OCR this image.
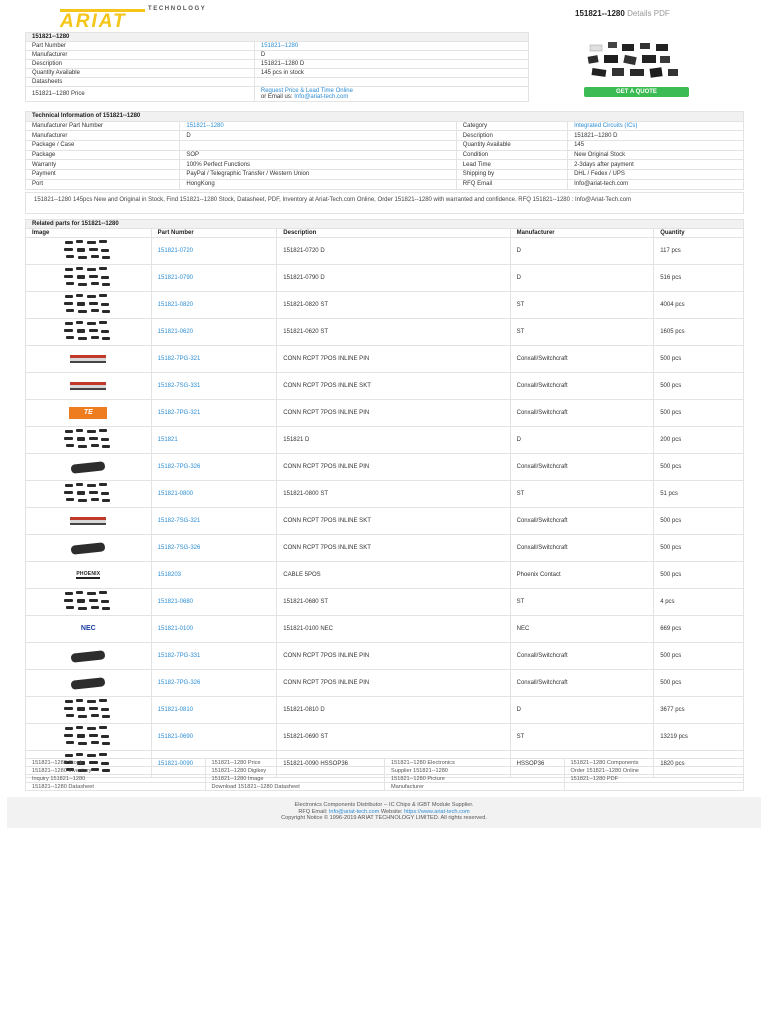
ARIAT
TECHNOLOGY	151821--1280 Details PDF
151821--1280	
Part Number	151821--1280
Manufacturer	D
Description	151821--1280 D
Quantity Available	145 pcs in stock
Datasheets	
151821--1280 Price	Request Price & Lead Time Online
or Email us: Info@ariat-tech.com
GET A QUOTE
Technical Information of 151821--1280			
Manufacturer Part Number	151821--1280	Category	Integrated Circuits (ICs)
Manufacturer	D	Description	151821--1280 D
Package / Case		Quantity Available	145
Package	SOP	Condition	New Original Stock
Warranty	100% Perfect Functions	Lead Time	2-3days after payment
Payment	PayPal / Telegraphic Transfer / Western Union	Shipping by	DHL / Fedex / UPS
Port	HongKong	RFQ Email	Info@ariat-tech.com
151821--1280 145pcs New and Original in Stock, Find 151821--1280 Stock, Datasheet, PDF, Inventory at Ariat-Tech.com Online, Order 151821--1280 with warranted and confidence. RFQ 151821--1280 : Info@Ariat-Tech.com
Related parts for 151821--1280				
Image	Part Number	Description	Manufacturer	Quantity

	151821-0720	151821-0720 D	D	117 pcs

	151821-0790	151821-0790 D	D	516 pcs

	151821-0820	151821-0820 ST	ST	4004 pcs

	151821-0620	151821-0620 ST	ST	1605 pcs
	15182-7PG-321	CONN RCPT 7POS INLINE PIN	Conxall/Switchcraft	500 pcs
	15182-7SG-331	CONN RCPT 7POS INLINE SKT	Conxall/Switchcraft	500 pcs
TE	15182-7PG-321	CONN RCPT 7POS INLINE PIN	Conxall/Switchcraft	500 pcs

	151821	151821 D	D	200 pcs
	15182-7PG-326	CONN RCPT 7POS INLINE PIN	Conxall/Switchcraft	500 pcs

	151821-0800	151821-0800 ST	ST	51 pcs
	15182-7SG-321	CONN RCPT 7POS INLINE SKT	Conxall/Switchcraft	500 pcs
	15182-7SG-326	CONN RCPT 7POS INLINE SKT	Conxall/Switchcraft	500 pcs
PHOENIX	1518203	CABLE 5POS	Phoenix Contact	500 pcs

	151821-0680	151821-0680 ST	ST	4 pcs
NEC	151821-0100	151821-0100 NEC	NEC	669 pcs
	15182-7PG-331	CONN RCPT 7POS INLINE PIN	Conxall/Switchcraft	500 pcs
	15182-7PG-326	CONN RCPT 7POS INLINE PIN	Conxall/Switchcraft	500 pcs

	151821-0810	151821-0810 D	D	3677 pcs

	151821-0690	151821-0690 ST	ST	13219 pcs

	151821-0090	151821-0090 HSSOP36	HSSOP36	1820 pcs
151821--1280 Stock	151821--1280 Price	151821--1280 Electronics	151821--1280 Components
151821--1280 Inventory	151821--1280 Digikey	Supplier 151821--1280	Order 151821--1280 Online
Inquiry 151821--1280	151821--1280 Image	151821--1280 Picture	151821--1280 PDF
151821--1280 Datasheet	Download 151821--1280 Datasheet	Manufacturer	
Electronics Components Distributor -- IC Chips & IGBT Module Supplier.
RFQ Email: Info@ariat-tech.com Website: https://www.ariat-tech.com
Copyright Notice © 1996-2019 ARIAT TECHNOLOGY LIMITED. All rights reserved.
